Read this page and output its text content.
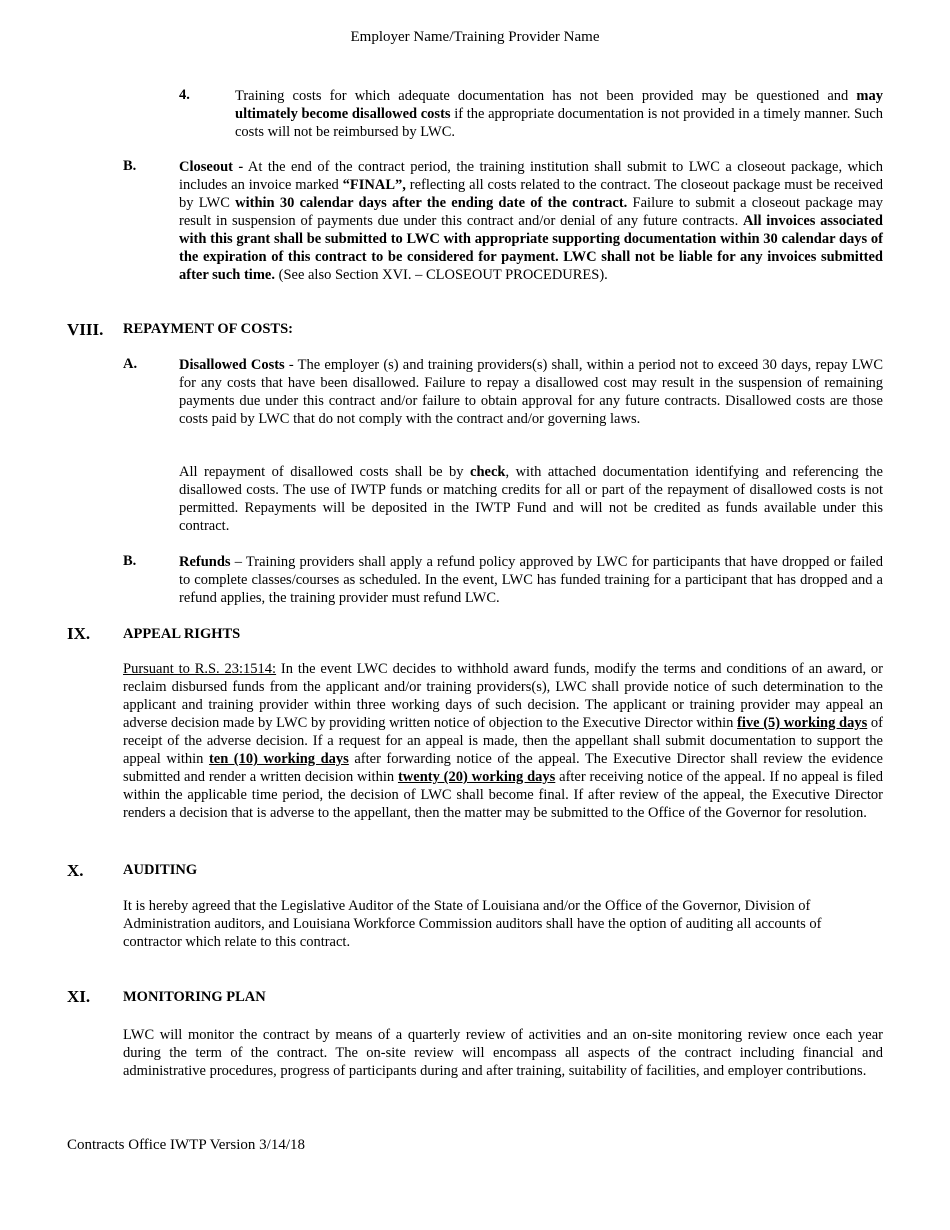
Employer Name/Training Provider Name
4.	Training costs for which adequate documentation has not been provided may be questioned and may ultimately become disallowed costs if the appropriate documentation is not provided in a timely manner. Such costs will not be reimbursed by LWC.

B.	Closeout - At the end of the contract period, the training institution shall submit to LWC a closeout package, which includes an invoice marked “FINAL”, reflecting all costs related to the contract. The closeout package must be received by LWC within 30 calendar days after the ending date of the contract. Failure to submit a closeout package may result in suspension of payments due under this contract and/or denial of any future contracts. All invoices associated with this grant shall be submitted to LWC with appropriate supporting documentation within 30 calendar days of the expiration of this contract to be considered for payment. LWC shall not be liable for any invoices submitted after such time. (See also Section XVI. – CLOSEOUT PROCEDURES).

VIII. REPAYMENT OF COSTS:
A.	Disallowed Costs - The employer (s) and training providers(s) shall, within a period not to exceed 30 days, repay LWC for any costs that have been disallowed. Failure to repay a disallowed cost may result in the suspension of remaining payments due under this contract and/or failure to obtain approval for any future contracts. Disallowed costs are those costs paid by LWC that do not comply with the contract and/or governing laws.

All repayment of disallowed costs shall be by check, with attached documentation identifying and referencing the disallowed costs. The use of IWTP funds or matching credits for all or part of the repayment of disallowed costs is not permitted. Repayments will be deposited in the IWTP Fund and will not be credited as funds available under this contract.

B.	Refunds – Training providers shall apply a refund policy approved by LWC for participants that have dropped or failed to complete classes/courses as scheduled. In the event, LWC has funded training for a participant that has dropped and a refund applies, the training provider must refund LWC.

IX. APPEAL RIGHTS

Pursuant to R.S. 23:1514: In the event LWC decides to withhold award funds, modify the terms and conditions of an award, or reclaim disbursed funds from the applicant and/or training providers(s), LWC shall provide notice of such determination to the applicant and training provider within three working days of such decision. The applicant or training provider may appeal an adverse decision made by LWC by providing written notice of objection to the Executive Director within five (5) working days of receipt of the adverse decision. If a request for an appeal is made, then the appellant shall submit documentation to support the appeal within ten (10) working days after forwarding notice of the appeal. The Executive Director shall review the evidence submitted and render a written decision within twenty (20) working days after receiving notice of the appeal. If no appeal is filed within the applicable time period, the decision of LWC shall become final. If after review of the appeal, the Executive Director renders a decision that is adverse to the appellant, then the matter may be submitted to the Office of the Governor for resolution.

X.	AUDITING

It is hereby agreed that the Legislative Auditor of the State of Louisiana and/or the Office of the Governor, Division of Administration auditors, and Louisiana Workforce Commission auditors shall have the option of auditing all accounts of contractor which relate to this contract.

XI. MONITORING PLAN

LWC will monitor the contract by means of a quarterly review of activities and an on-site monitoring review once each year during the term of the contract. The on-site review will encompass all aspects of the contract including financial and administrative procedures, progress of participants during and after training, suitability of facilities, and employer contributions.

Contracts Office IWTP Version 3/14/18
